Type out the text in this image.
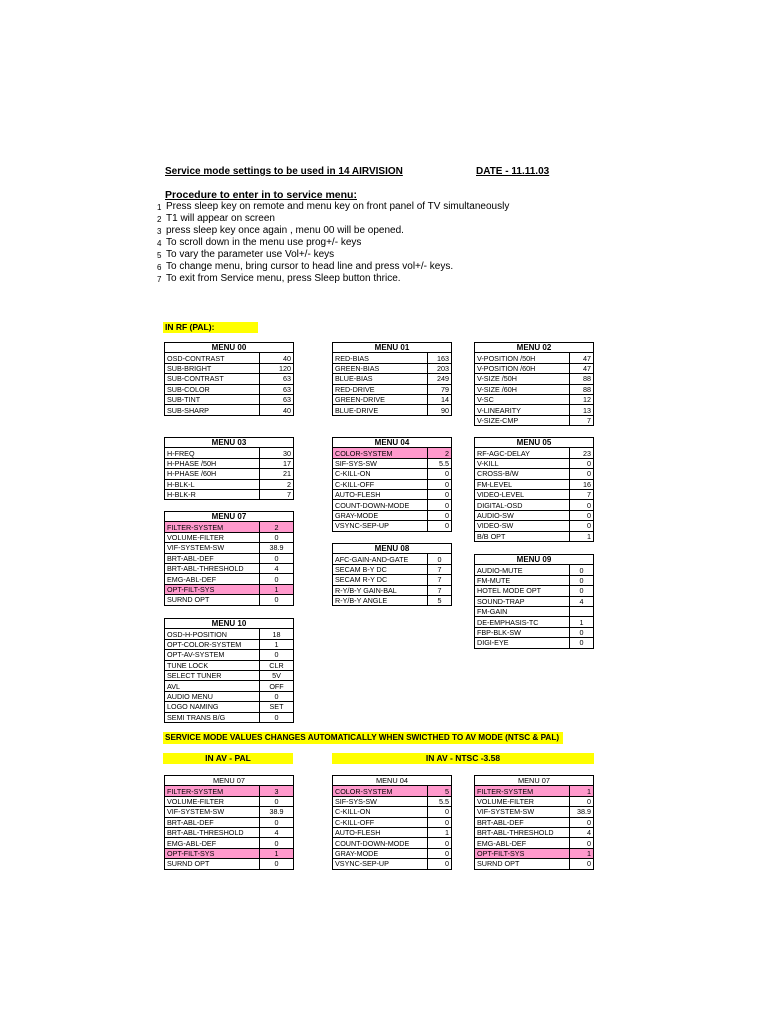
Service mode settings to be used in 14 AIRVISION	DATE - 11.11.03
Procedure to enter in to service menu:
1 Press sleep key on remote and menu key on front panel of TV simultaneously
2 T1 will appear on screen
3 press sleep key once again , menu 00 will be opened.
4 To scroll down in the menu use prog+/- keys
5 To vary the parameter use Vol+/- keys
6 To change menu, bring cursor to head line and press vol+/- keys.
7 To exit from Service menu, press Sleep button thrice.
IN RF (PAL):
MENU 00	
OSD-CONTRAST	40
SUB-BRIGHT	120
SUB-CONTRAST	63
SUB-COLOR	63
SUB-TINT	63
SUB-SHARP	40
MENU 01	
RED-BIAS	163
GREEN-BIAS	203
BLUE-BIAS	249
RED-DRIVE	79
GREEN-DRIVE	14
BLUE-DRIVE	90
MENU 02	
V-POSITION /50H	47
V-POSITION /60H	47
V-SIZE /50H	88
V-SIZE /60H	88
V-SC	12
V-LINEARITY	13
V-SIZE-CMP	7
MENU 03	
H-FREQ	30
H-PHASE /50H	17
H-PHASE /60H	21
H-BLK-L	2
H-BLK-R	7
MENU 04	
COLOR-SYSTEM	2
SIF-SYS-SW	5.5
C-KILL-ON	0
C-KILL-OFF	0
AUTO-FLESH	0
COUNT-DOWN-MODE	0
GRAY-MODE	0
VSYNC-SEP-UP	0
MENU 05	
RF-AGC-DELAY	23
V-KILL	0
CROSS-B/W	0
FM-LEVEL	16
VIDEO-LEVEL	7
DIGITAL-OSD	0
AUDIO-SW	0
VIDEO-SW	0
B/B OPT	1
MENU 07	
FILTER-SYSTEM	2
VOLUME-FILTER	0
VIF-SYSTEM-SW	38.9
BRT-ABL-DEF	0
BRT-ABL-THRESHOLD	4
EMG-ABL-DEF	0
OPT-FILT-SYS	1
SURND OPT	0
MENU 08	
AFC-GAIN-AND-GATE	0
SECAM B-Y DC	7
SECAM R-Y DC	7
R-Y/B-Y GAIN-BAL	7
R-Y/B-Y ANGLE	5
MENU 09	
AUDIO-MUTE	0
FM-MUTE	0
HOTEL MODE OPT	0
SOUND-TRAP	4
FM-GAIN	
DE-EMPHASIS-TC	1
FBP-BLK-SW	0
DIGI-EYE	0
MENU 10	
OSD-H-POSITION	18
OPT-COLOR-SYSTEM	1
OPT-AV-SYSTEM	0
TUNE LOCK	CLR
SELECT TUNER	5V
AVL	OFF
AUDIO MENU	0
LOGO NAMING	SET
SEMI TRANS B/G	0
SERVICE MODE VALUES CHANGES AUTOMATICALLY WHEN SWICTHED TO AV MODE (NTSC & PAL)
IN AV - PAL	IN AV - NTSC -3.58
MENU 07	
FILTER-SYSTEM	3
VOLUME-FILTER	0
VIF-SYSTEM-SW	38.9
BRT-ABL-DEF	0
BRT-ABL-THRESHOLD	4
EMG-ABL-DEF	0
OPT-FILT-SYS	1
SURND OPT	0
MENU 04	
COLOR-SYSTEM	5
SIF-SYS-SW	5.5
C-KILL-ON	0
C-KILL-OFF	0
AUTO-FLESH	1
COUNT-DOWN-MODE	0
GRAY-MODE	0
VSYNC-SEP-UP	0
MENU 07	
FILTER-SYSTEM	1
VOLUME-FILTER	0
VIF-SYSTEM-SW	38.9
BRT-ABL-DEF	0
BRT-ABL-THRESHOLD	4
EMG-ABL-DEF	0
OPT-FILT-SYS	1
SURND OPT	0
